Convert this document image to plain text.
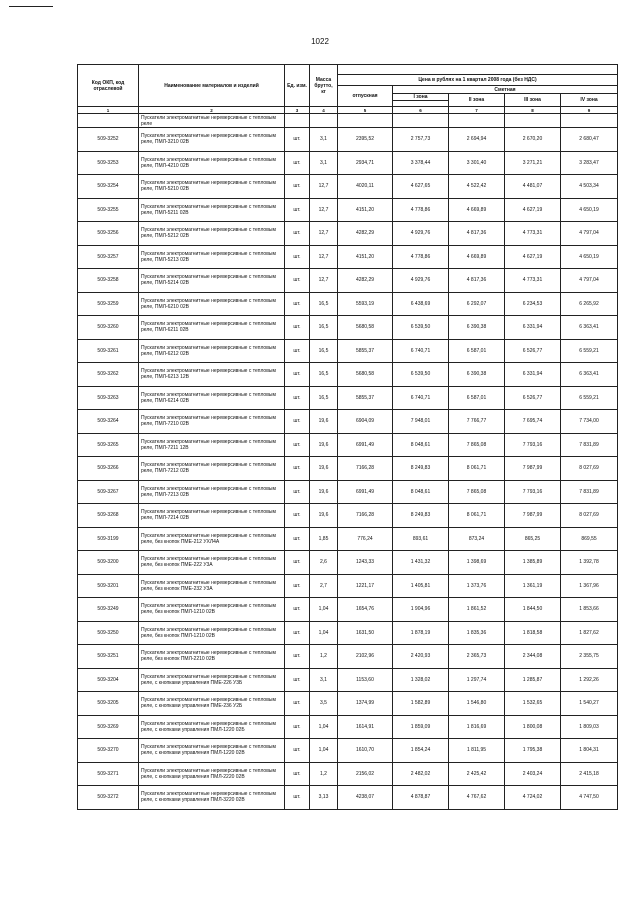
1022
Код ОКП, код отраслевой	Наименование материалов и изделий	Ед. изм.	Масса брутто, кг					
				Цена в рублях на 1 квартал 2008 года (без НДС)				
				отпускная	Сметная			
					I зона	II зона	III зона	IV зона

1	2	3	4	5	6	7	8	9
	Пускатели электромагнитные нереверсивные с тепловым реле							
509-3252	Пускатели электромагнитные нереверсивные с тепловым реле, ПМЛ-3210 02В	шт.	3,1	2395,52	2 757,73	2 694,94	2 670,20	2 680,47
509-3253	Пускатели электромагнитные нереверсивные с тепловым реле, ПМЛ-4210 02В	шт.	3,1	2934,71	3 378,44	3 301,40	3 271,21	3 283,47
509-3254	Пускатели электромагнитные нереверсивные с тепловым реле, ПМЛ-5210 02В	шт.	12,7	4020,11	4 627,65	4 522,42	4 481,07	4 503,34
509-3255	Пускатели электромагнитные нереверсивные с тепловым реле, ПМЛ-5211 02В	шт.	12,7	4151,20	4 778,86	4 669,89	4 627,19	4 650,19
509-3256	Пускатели электромагнитные нереверсивные с тепловым реле, ПМЛ-5212 02В	шт.	12,7	4282,29	4 929,76	4 817,36	4 773,31	4 797,04
509-3257	Пускатели электромагнитные нереверсивные с тепловым реле, ПМЛ-5213 02В	шт.	12,7	4151,20	4 778,86	4 669,89	4 627,19	4 650,19
509-3258	Пускатели электромагнитные нереверсивные с тепловым реле, ПМЛ-5214 02В	шт.	12,7	4282,29	4 929,76	4 817,36	4 773,31	4 797,04
509-3259	Пускатели электромагнитные нереверсивные с тепловым реле, ПМЛ-6210 02В	шт.	16,5	5593,19	6 438,69	6 292,07	6 234,53	6 265,92
509-3260	Пускатели электромагнитные нереверсивные с тепловым реле, ПМЛ-6211 02В	шт.	16,5	5680,58	6 539,50	6 390,38	6 331,94	6 363,41
509-3261	Пускатели электромагнитные нереверсивные с тепловым реле, ПМЛ-6212 02В	шт.	16,5	5855,37	6 740,71	6 587,01	6 526,77	6 559,21
509-3262	Пускатели электромагнитные нереверсивные с тепловым реле, ПМЛ-6213 12В	шт.	16,5	5680,58	6 539,50	6 390,38	6 331,94	6 363,41
509-3263	Пускатели электромагнитные нереверсивные с тепловым реле, ПМЛ-6214 02В	шт.	16,5	5855,37	6 740,71	6 587,01	6 526,77	6 559,21
509-3264	Пускатели электромагнитные нереверсивные с тепловым реле, ПМЛ-7210 02В	шт.	19,6	6904,09	7 948,01	7 766,77	7 695,74	7 734,00
509-3265	Пускатели электромагнитные нереверсивные с тепловым реле, ПМЛ-7211 12В	шт.	19,6	6991,49	8 048,61	7 865,08	7 793,16	7 831,89
509-3266	Пускатели электромагнитные нереверсивные с тепловым реле, ПМЛ-7212 02В	шт.	19,6	7166,28	8 249,83	8 061,71	7 987,99	8 027,69
509-3267	Пускатели электромагнитные нереверсивные с тепловым реле, ПМЛ-7213 02В	шт.	19,6	6991,49	8 048,61	7 865,08	7 793,16	7 831,89
509-3268	Пускатели электромагнитные нереверсивные с тепловым реле, ПМЛ-7214 02В	шт.	19,6	7166,28	8 249,83	8 061,71	7 987,99	8 027,69
509-3199	Пускатели электромагнитные нереверсивные с тепловым реле, без кнопок ПМЕ-212 УХЛ4А	шт.	1,85	776,24	893,61	873,24	865,25	869,55
509-3200	Пускатели электромагнитные нереверсивные с тепловым реле, без кнопок ПМЕ-222 У3А	шт.	2,6	1243,33	1 431,32	1 398,69	1 385,89	1 392,78
509-3201	Пускатели электромагнитные нереверсивные с тепловым реле, без кнопок ПМЕ-232 У3А	шт.	2,7	1221,17	1 405,81	1 373,76	1 361,19	1 367,96
509-3249	Пускатели электромагнитные нереверсивные с тепловым реле, без кнопок ПМЛ-1210 02В	шт.	1,04	1654,76	1 904,96	1 861,52	1 844,50	1 853,66
509-3250	Пускатели электромагнитные нереверсивные с тепловым реле, без кнопок ПМЛ-1210 02В	шт.	1,04	1631,50	1 878,19	1 835,36	1 818,58	1 827,62
509-3251	Пускатели электромагнитные нереверсивные с тепловым реле, без кнопок ПМЛ-2210 02В	шт.	1,2	2102,96	2 420,93	2 365,73	2 344,08	2 355,75
509-3204	Пускатели электромагнитные нереверсивные с тепловым реле, с кнопками управления ПМЕ-226 У3Б	шт.	3,1	1153,60	1 328,02	1 297,74	1 285,87	1 292,26
509-3205	Пускатели электромагнитные нереверсивные с тепловым реле, с кнопками управления ПМЕ-236 У2Б	шт.	3,5	1374,99	1 582,89	1 546,80	1 532,65	1 540,27
509-3269	Пускатели электромагнитные нереверсивные с тепловым реле, с кнопками управления ПМЛ-1220 02Б	шт.	1,04	1614,91	1 859,09	1 816,69	1 800,08	1 809,03
509-3270	Пускатели электромагнитные нереверсивные с тепловым реле, с кнопками управления ПМЛ-1220 02В	шт.	1,04	1610,70	1 854,24	1 811,95	1 795,38	1 804,31
509-3271	Пускатели электромагнитные нереверсивные с тепловым реле, с кнопками управления ПМЛ-2220 02В	шт.	1,2	2156,02	2 482,02	2 425,42	2 403,24	2 415,18
509-3272	Пускатели электромагнитные нереверсивные с тепловым реле, с кнопками управления ПМЛ-3220 02В	шт.	3,13	4238,07	4 878,87	4 767,62	4 724,02	4 747,50
